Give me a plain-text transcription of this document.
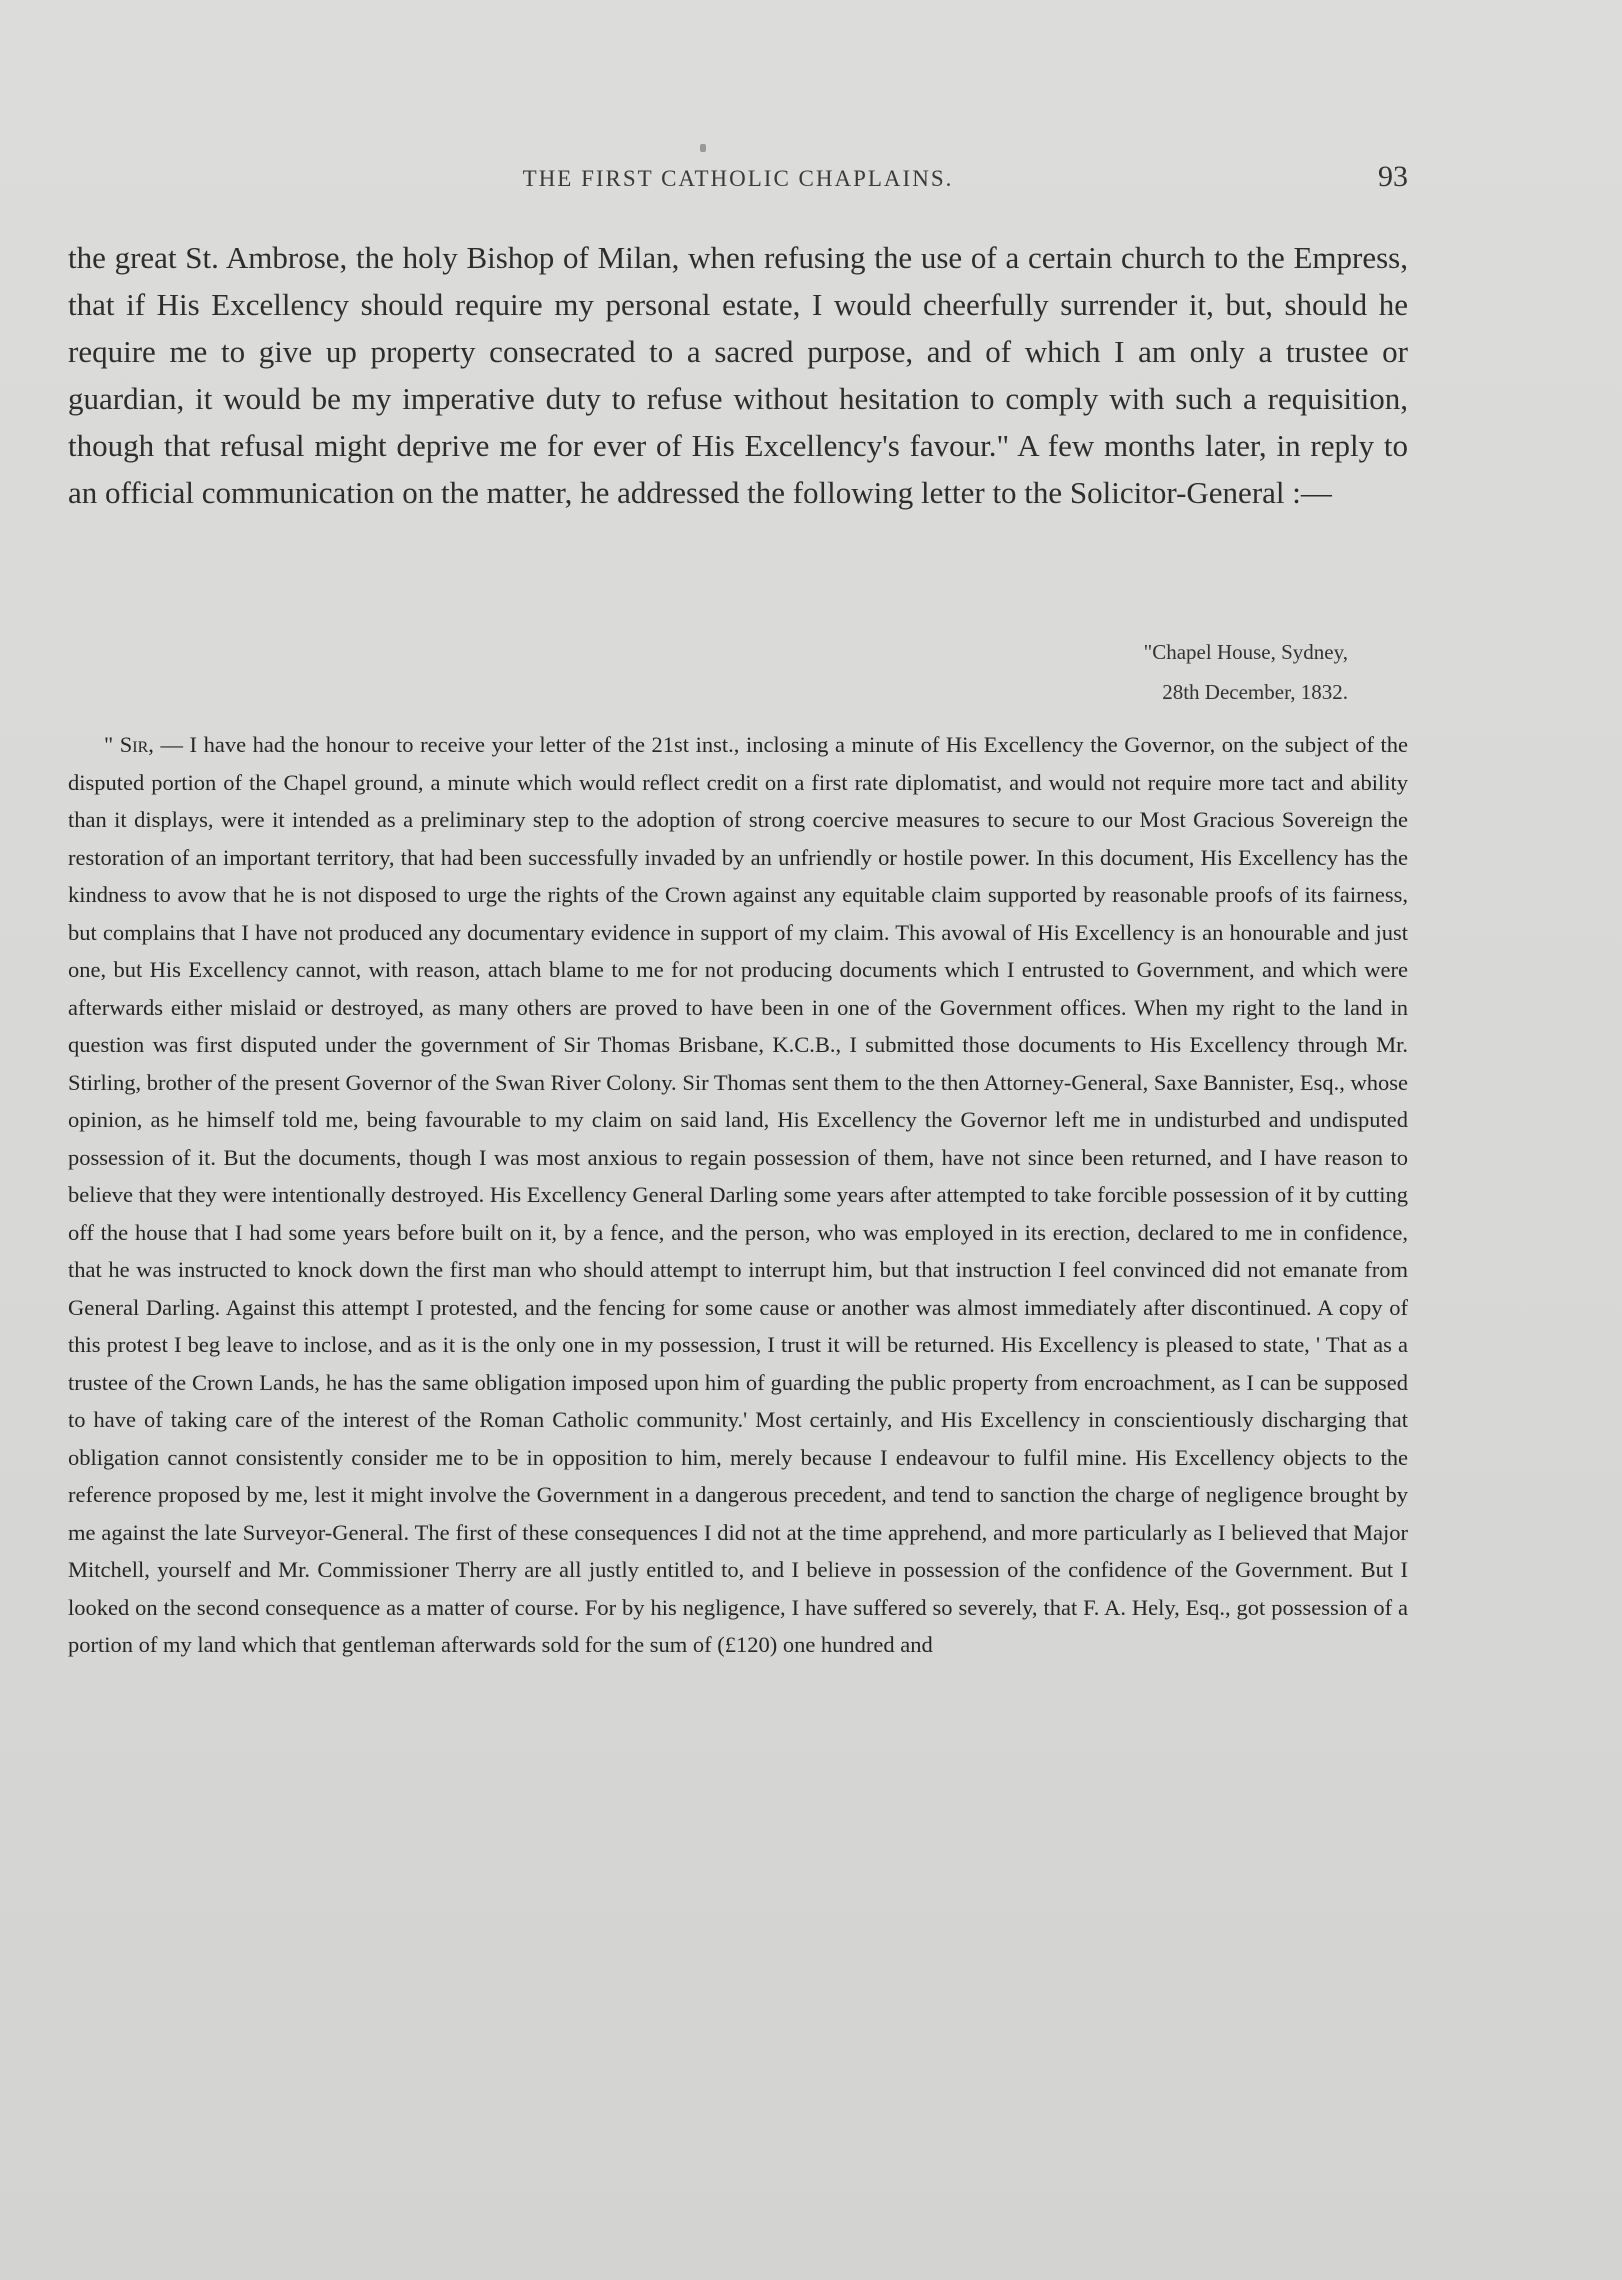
THE FIRST CATHOLIC CHAPLAINS.	93

the great St. Ambrose, the holy Bishop of Milan, when refusing the use of a certain church to the Empress, that if His Excellency should require my personal estate, I would cheerfully surrender it, but, should he require me to give up property consecrated to a sacred purpose, and of which I am only a trustee or guardian, it would be my imperative duty to refuse without hesitation to comply with such a requisition, though that refusal might deprive me for ever of His Excellency's favour." A few months later, in reply to an official communication on the matter, he addressed the following letter to the Solicitor-General :—

"Chapel House, Sydney,
28th December, 1832.

" Sir, — I have had the honour to receive your letter of the 21st inst., inclosing a minute of His Excellency the Governor, on the subject of the disputed portion of the Chapel ground, a minute which would reflect credit on a first rate diplomatist, and would not require more tact and ability than it displays, were it intended as a preliminary step to the adoption of strong coercive measures to secure to our Most Gracious Sovereign the restoration of an important territory, that had been successfully invaded by an unfriendly or hostile power. In this document, His Excellency has the kindness to avow that he is not disposed to urge the rights of the Crown against any equitable claim supported by reasonable proofs of its fairness, but complains that I have not produced any documentary evidence in support of my claim. This avowal of His Excellency is an honourable and just one, but His Excellency cannot, with reason, attach blame to me for not producing documents which I entrusted to Government, and which were afterwards either mislaid or destroyed, as many others are proved to have been in one of the Government offices. When my right to the land in question was first disputed under the government of Sir Thomas Brisbane, K.C.B., I submitted those documents to His Excellency through Mr. Stirling, brother of the present Governor of the Swan River Colony. Sir Thomas sent them to the then Attorney-General, Saxe Bannister, Esq., whose opinion, as he himself told me, being favourable to my claim on said land, His Excellency the Governor left me in undisturbed and undisputed possession of it. But the documents, though I was most anxious to regain possession of them, have not since been returned, and I have reason to believe that they were intentionally destroyed. His Excellency General Darling some years after attempted to take forcible possession of it by cutting off the house that I had some years before built on it, by a fence, and the person, who was employed in its erection, declared to me in confidence, that he was instructed to knock down the first man who should attempt to interrupt him, but that instruction I feel convinced did not emanate from General Darling. Against this attempt I protested, and the fencing for some cause or another was almost immediately after discontinued. A copy of this protest I beg leave to inclose, and as it is the only one in my possession, I trust it will be returned. His Excellency is pleased to state, ' That as a trustee of the Crown Lands, he has the same obligation imposed upon him of guarding the public property from encroachment, as I can be supposed to have of taking care of the interest of the Roman Catholic community.' Most certainly, and His Excellency in conscientiously discharging that obligation cannot consistently consider me to be in opposition to him, merely because I endeavour to fulfil mine. His Excellency objects to the reference proposed by me, lest it might involve the Government in a dangerous precedent, and tend to sanction the charge of negligence brought by me against the late Surveyor-General. The first of these consequences I did not at the time apprehend, and more particularly as I believed that Major Mitchell, yourself and Mr. Commissioner Therry are all justly entitled to, and I believe in possession of the confidence of the Government. But I looked on the second consequence as a matter of course. For by his negligence, I have suffered so severely, that F. A. Hely, Esq., got possession of a portion of my land which that gentleman afterwards sold for the sum of (£120) one hundred and
